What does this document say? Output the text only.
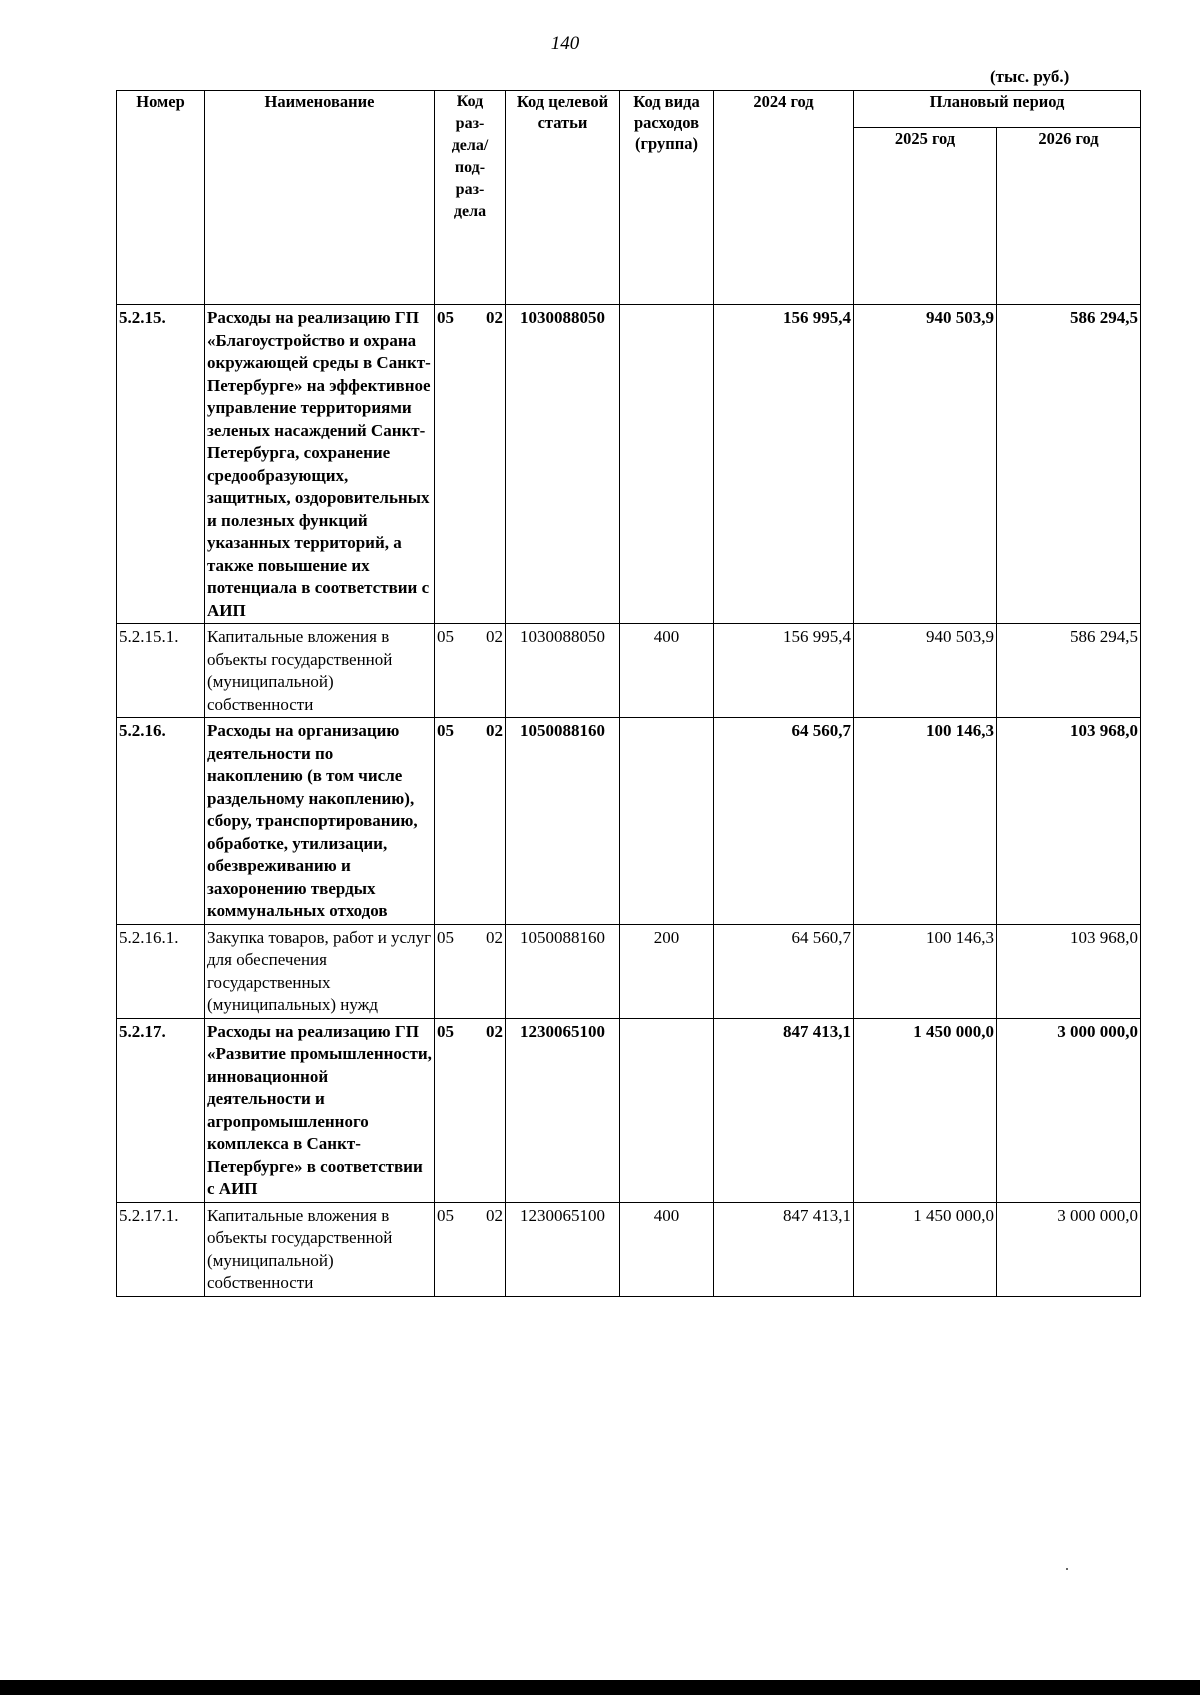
140
(тыс. руб.)
Номер	Наименование	Код раз- дела/ под- раз- дела	Код целевой статьи	Код вида расходов (группа)	2024 год	Плановый период	
						2025 год	2026 год
5.2.15.	Расходы на реализацию ГП «Благоустройство и охрана окружающей среды в Санкт-Петербурге» на эффективное управление территориями зеленых насаждений Санкт-Петербурга, сохранение средообразующих, защитных, оздоровительных и полезных функций указанных территорий, а также повышение их потенциала в соответствии с АИП	05 02	1030088050		156 995,4	940 503,9	586 294,5
5.2.15.1.	Капитальные вложения в объекты государственной (муниципальной) собственности	05 02	1030088050	400	156 995,4	940 503,9	586 294,5
5.2.16.	Расходы на организацию деятельности по накоплению (в том числе раздельному накоплению), сбору, транспортированию, обработке, утилизации, обезвреживанию и захоронению твердых коммунальных отходов	05 02	1050088160		64 560,7	100 146,3	103 968,0
5.2.16.1.	Закупка товаров, работ и услуг для обеспечения государственных (муниципальных) нужд	05 02	1050088160	200	64 560,7	100 146,3	103 968,0
5.2.17.	Расходы на реализацию ГП «Развитие промышленности, инновационной деятельности и агропромышленного комплекса в Санкт-Петербурге» в соответствии с АИП	05 02	1230065100		847 413,1	1 450 000,0	3 000 000,0
5.2.17.1.	Капитальные вложения в объекты государственной (муниципальной) собственности	05 02	1230065100	400	847 413,1	1 450 000,0	3 000 000,0
